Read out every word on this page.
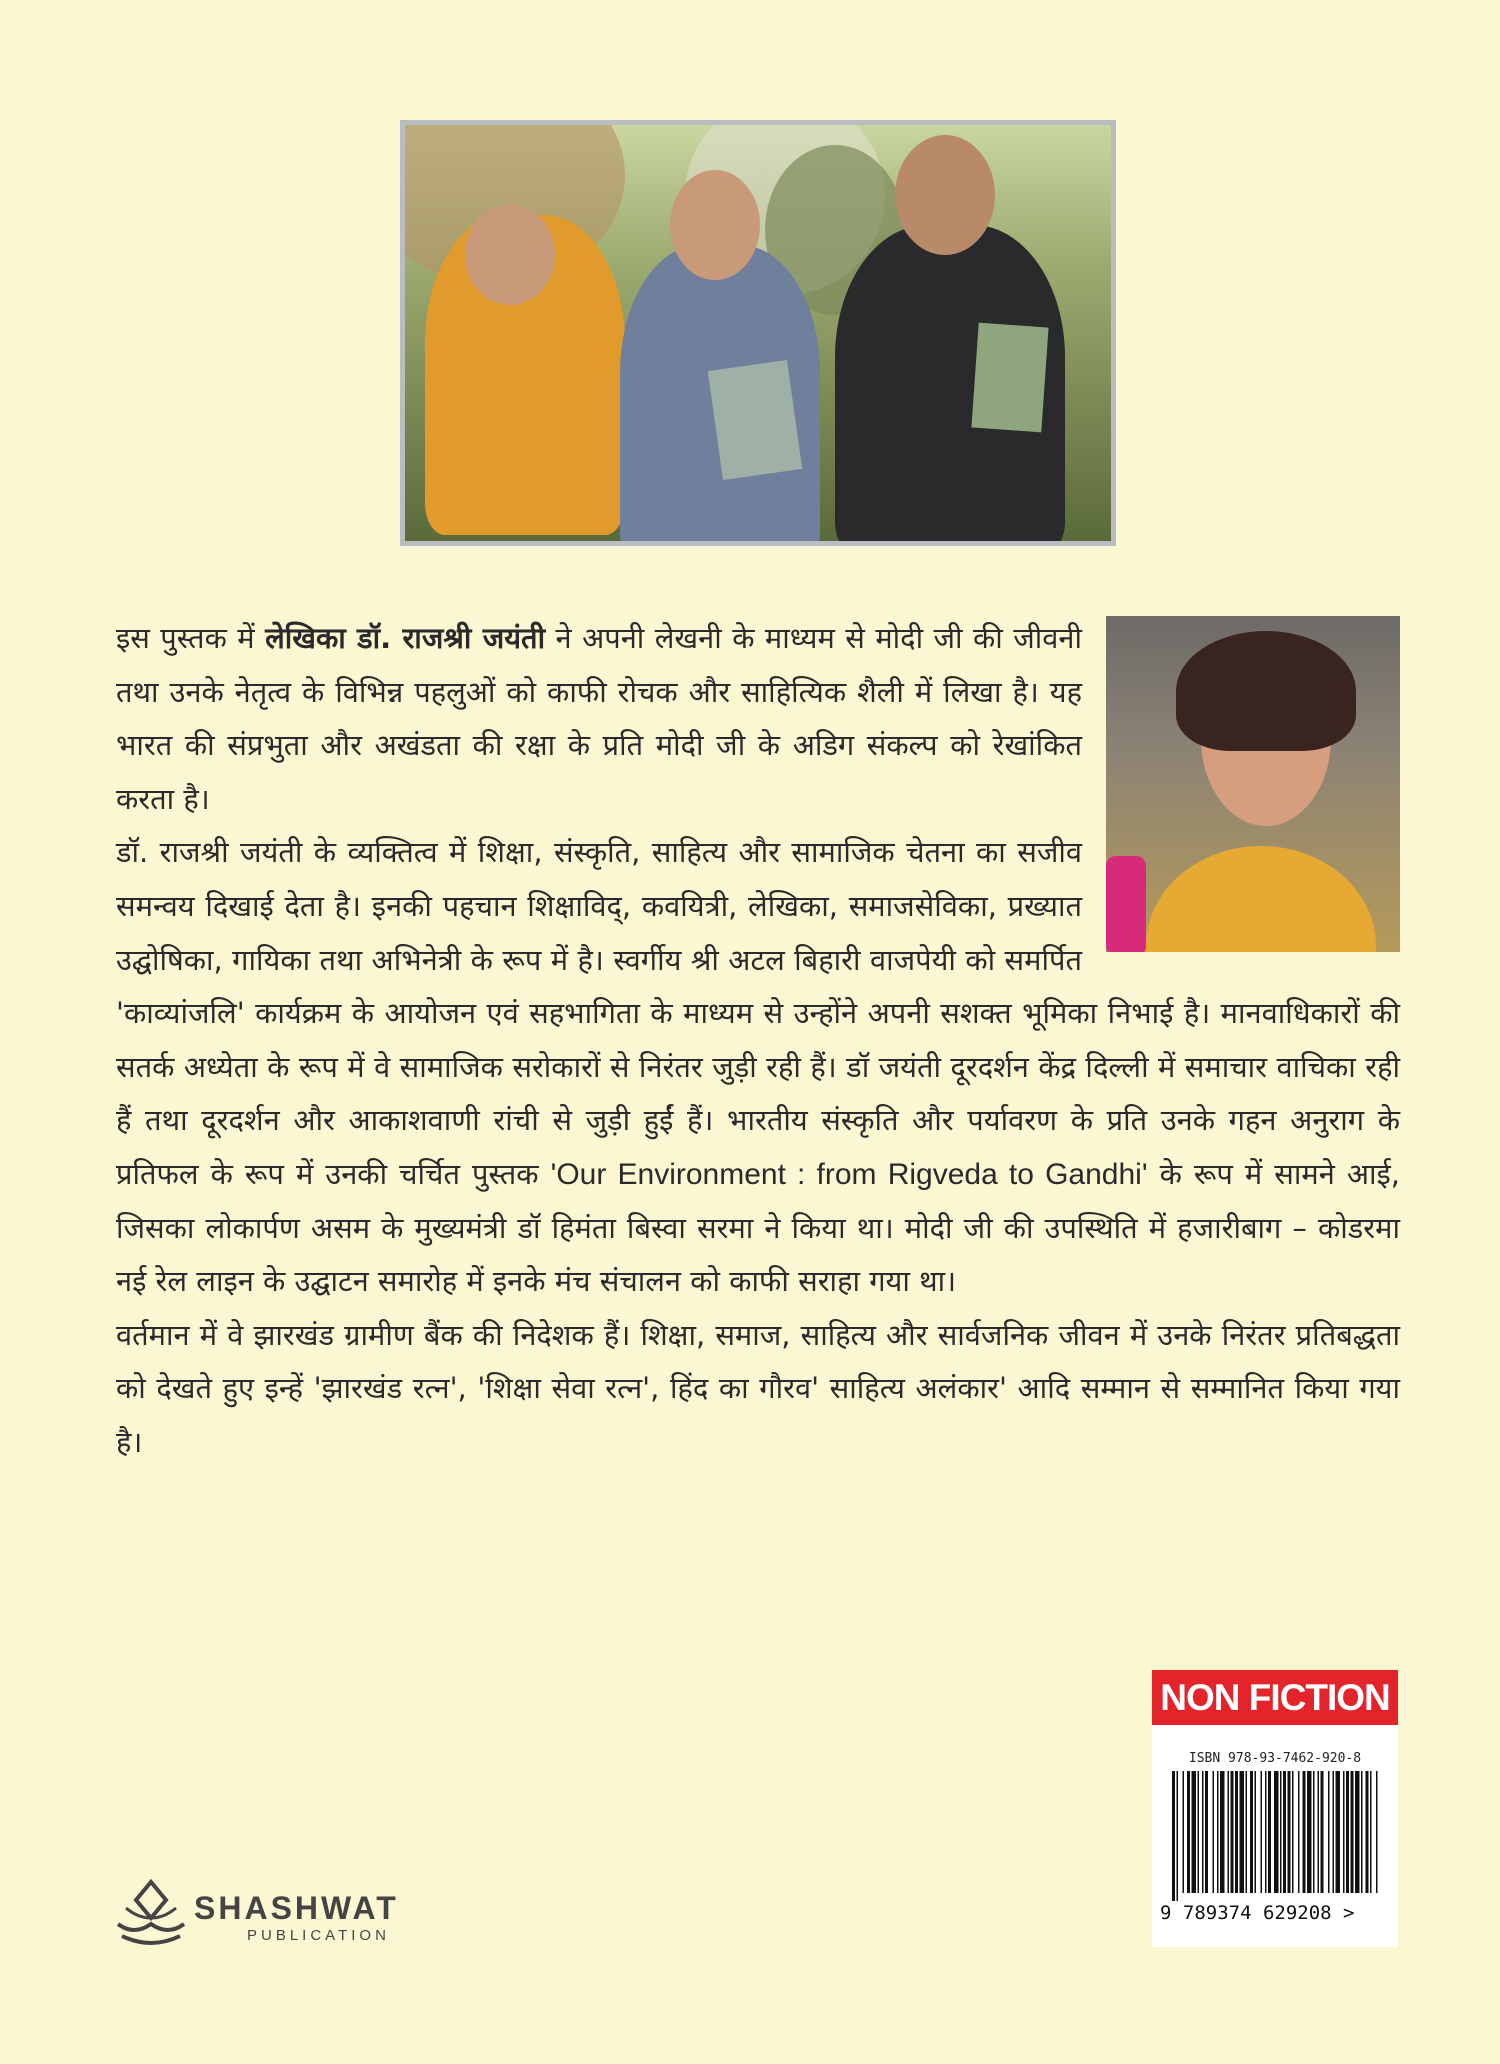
इस पुस्तक में लेखिका डॉ. राजश्री जयंती ने अपनी लेखनी के माध्यम से मोदी जी की जीवनी तथा उनके नेतृत्व के विभिन्न पहलुओं को काफी रोचक और साहित्यिक शैली में लिखा है। यह भारत की संप्रभुता और अखंडता की रक्षा के प्रति मोदी जी के अडिग संकल्प को रेखांकित करता है।

डॉ. राजश्री जयंती के व्यक्तित्व में शिक्षा, संस्कृति, साहित्य और सामाजिक चेतना का सजीव समन्वय दिखाई देता है। इनकी पहचान शिक्षाविद्, कवयित्री, लेखिका, समाजसेविका, प्रख्यात उद्घोषिका, गायिका तथा अभिनेत्री के रूप में है। स्वर्गीय श्री अटल बिहारी वाजपेयी को समर्पित 'काव्यांजलि' कार्यक्रम के आयोजन एवं सहभागिता के माध्यम से उन्होंने अपनी सशक्त भूमिका निभाई है। मानवाधिकारों की सतर्क अध्येता के रूप में वे सामाजिक सरोकारों से निरंतर जुड़ी रही हैं। डॉ जयंती दूरदर्शन केंद्र दिल्ली में समाचार वाचिका रही हैं तथा दूरदर्शन और आकाशवाणी रांची से जुड़ी हुईं हैं। भारतीय संस्कृति और पर्यावरण के प्रति उनके गहन अनुराग के प्रतिफल के रूप में उनकी चर्चित पुस्तक 'Our Environment : from Rigveda to Gandhi' के रूप में सामने आई, जिसका लोकार्पण असम के मुख्यमंत्री डॉ हिमंता बिस्वा सरमा ने किया था। मोदी जी की उपस्थिति में हजारीबाग – कोडरमा नई रेल लाइन के उद्घाटन समारोह में इनके मंच संचालन को काफी सराहा गया था।

वर्तमान में वे झारखंड ग्रामीण बैंक की निदेशक हैं। शिक्षा, समाज, साहित्य और सार्वजनिक जीवन में उनके निरंतर प्रतिबद्धता को देखते हुए इन्हें 'झारखंड रत्न', 'शिक्षा सेवा रत्न', हिंद का गौरव' साहित्य अलंकार' आदि सम्मान से सम्मानित किया गया है।

NON FICTION
ISBN 978-93-7462-920-8
9 789374 629208 >
SHASHWAT
PUBLICATION
